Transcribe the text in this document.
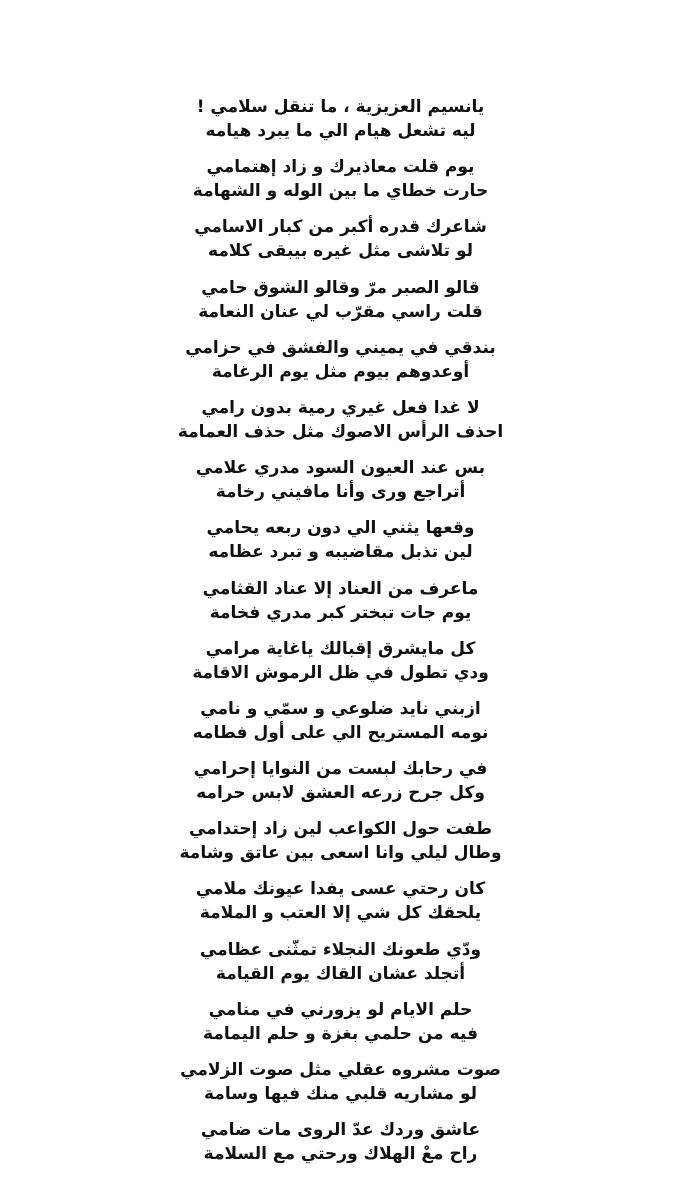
يانسيم العزيزية ، ما تنقل سلامي !
ليه تشعل هيام الي ما يبرد هيامه
يوم قلت معاذيرك و زاد إهتمامي
حارت خطاي ما بين الوله و الشهامة
شاعرك قدره أكبر من كبار الاسامي
لو تلاشى مثل غيره بيبقى كلامه
قالو الصبر مرّ وقالو الشوق حامي
قلت راسي مقرّب لي عنان النعامة
بندقي في يميني والفشق في حزامي
أوعدوهم بيوم مثل يوم الرغامة
لا غدا فعل غيري رمية بدون رامي
احذف الرأس الاصوك مثل حذف العمامة
بس عند العيون السود مدري علامي
أتراجع ورى وأنا مافيني رخامة
وقعها يثني الي دون ربعه يحامي
لين تذبل مقاضيبه و تبرد عظامه
ماعرف من العناد إلا عناد القثامي
يوم جات تبختر كبر مدري فخامة
كل مايشرق إقبالك ياغاية مرامي
ودي تطول في ظل الرموش الاقامة
ازبني نايد ضلوعي و سمّي و نامي
نومه المستريح الي على أول فطامه
في رحابك لبست من النوايا إحرامي
وكل جرح زرعه العشق لابس حرامه
طفت حول الكواعب لين زاد إحتدامي
وطال ليلي وانا اسعى بين عاتق وشامة
كان رحتي عسى يفدا عيونك ملامي
يلحقك كل شي إلا العتب و الملامة
ودّي طعونك النجلاء تمثّنى عظامي
أتجلد عشان القاك يوم القيامة
حلم الايام لو يزورني في منامي
فيه من حلمي بغزة و حلم اليمامة
صوت مشروه عقلي مثل صوت الزلامي
لو مشاريه قلبي منك فيها وسامة
عاشق وردك عدّ الروى مات ضامي
راح معْ الهلاك ورحتي مع السلامة
